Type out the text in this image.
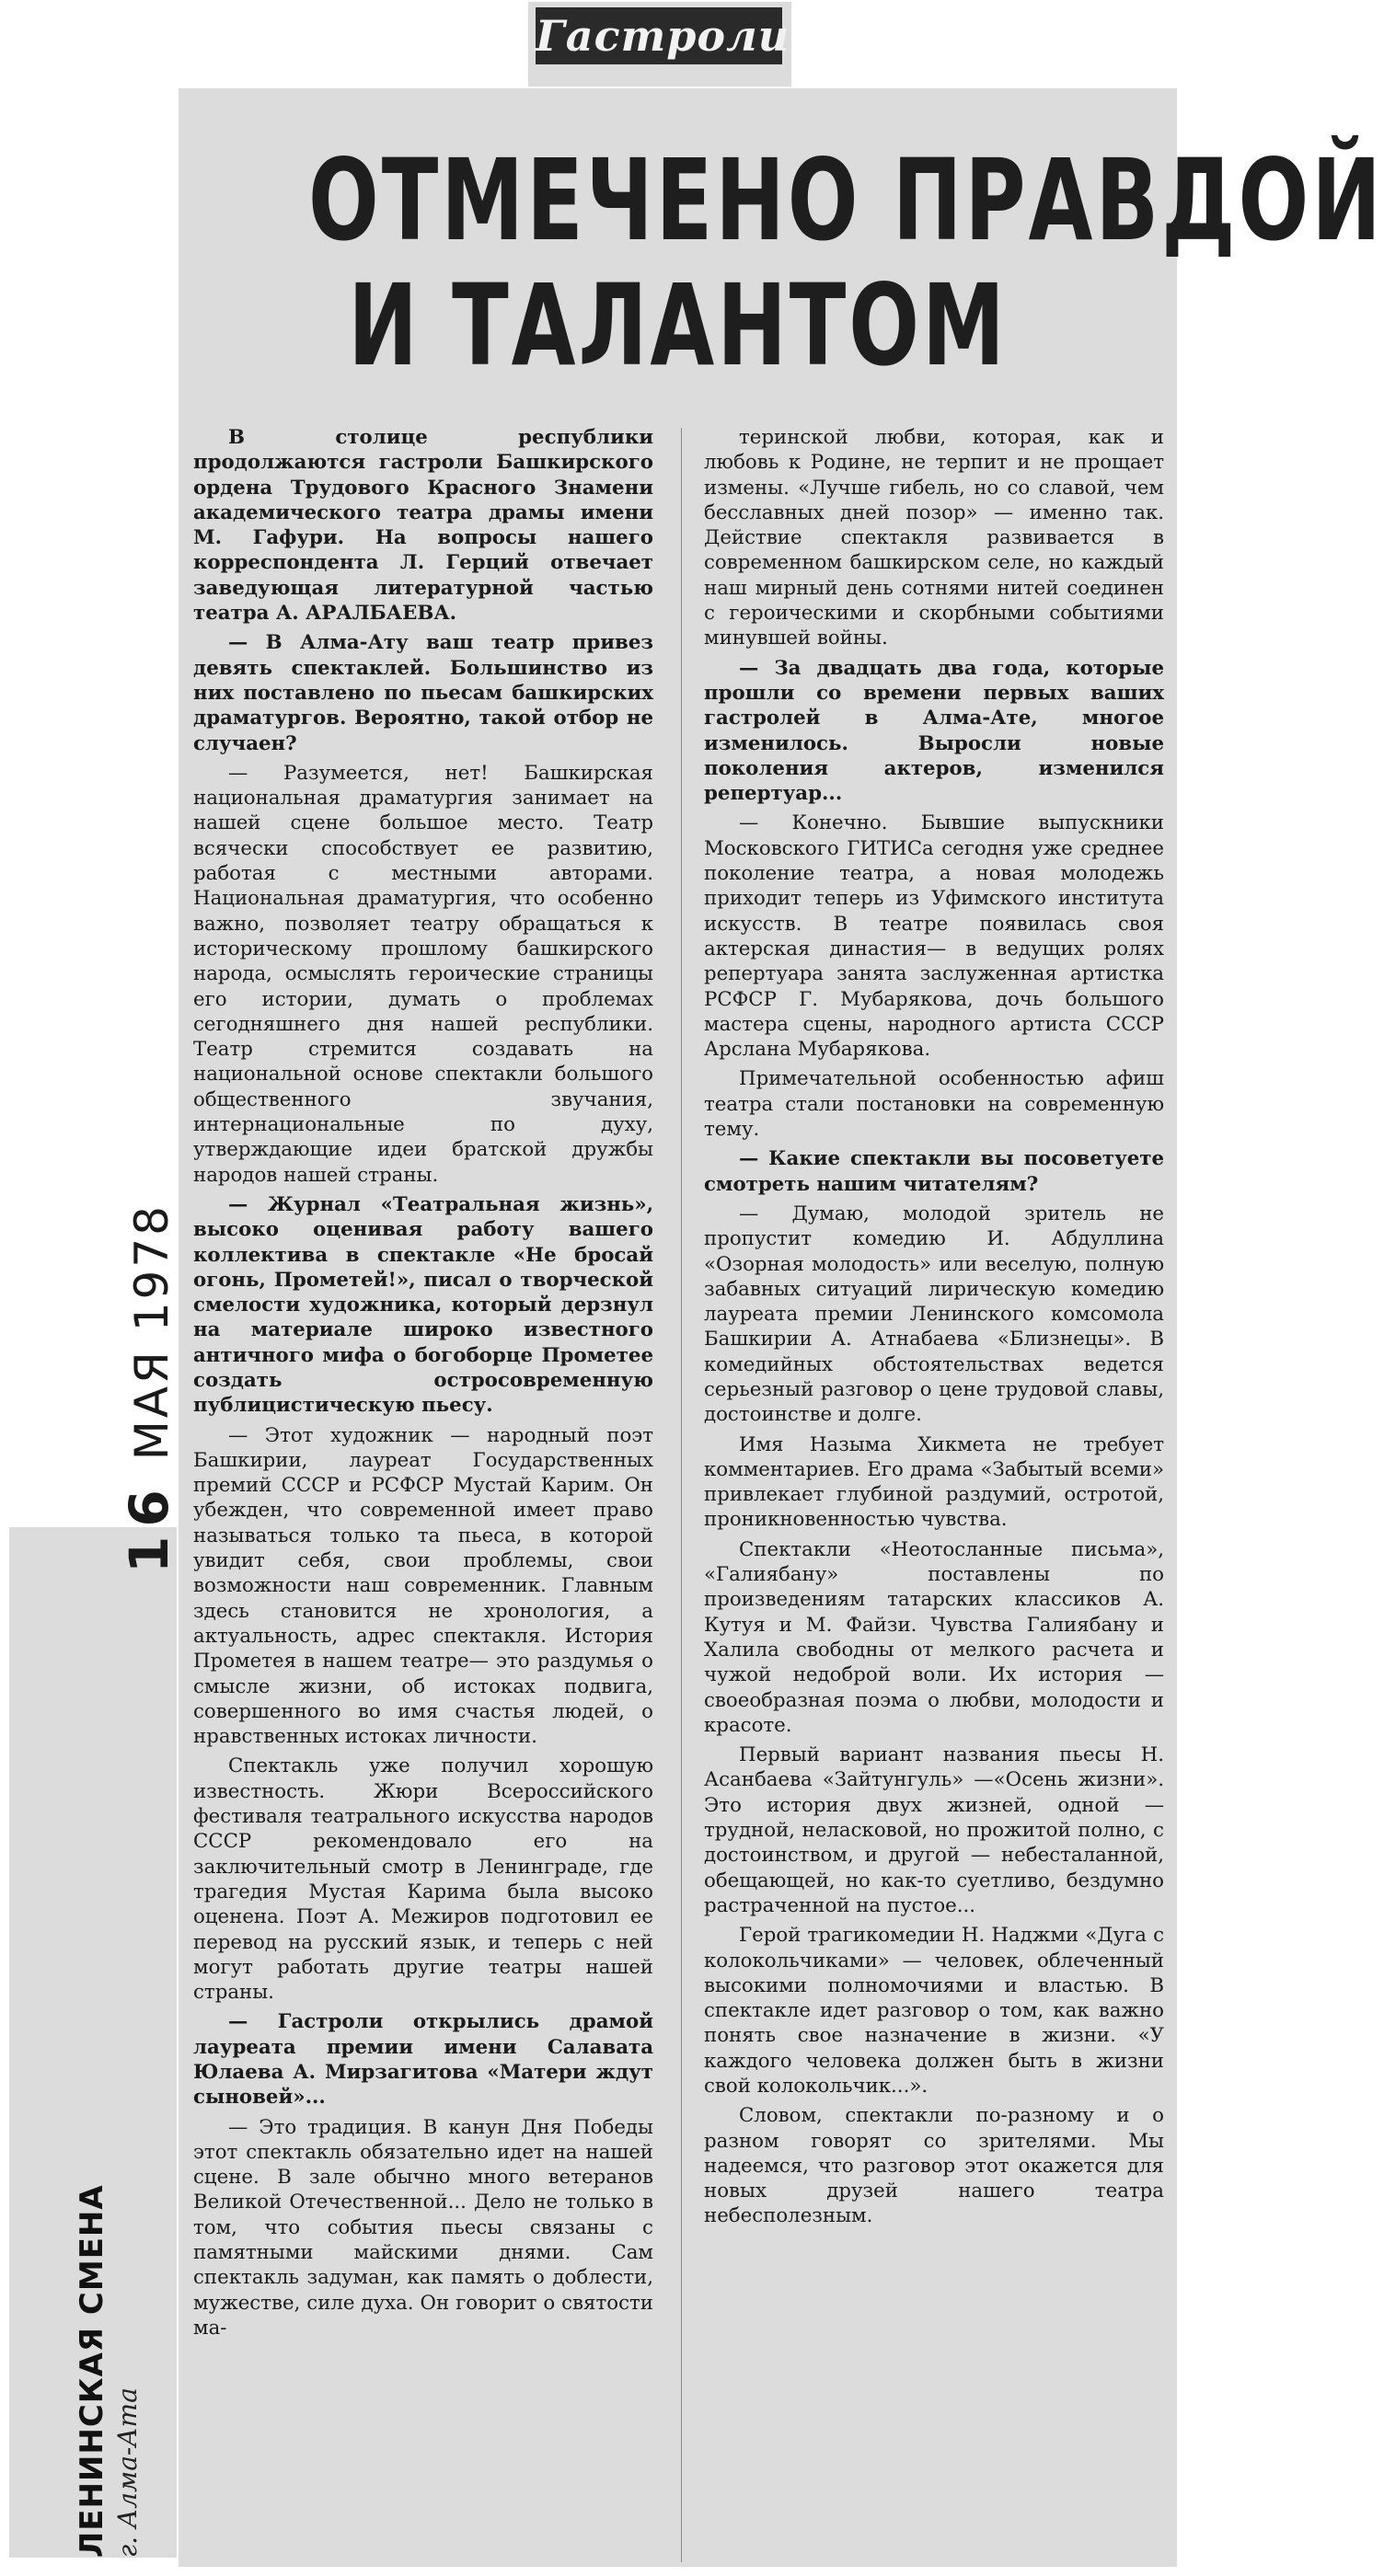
Гастроли
ОТМЕЧЕНО ПРАВДОЙ
И ТАЛАНТОМ

В столице республики продолжаются гастроли Башкирского ордена Трудового Красного Знамени академического театра драмы имени М. Гафури. На вопросы нашего корреспондента Л. Герций отвечает заведующая литературной частью театра А. АРАЛБАЕВА.

— В Алма-Ату ваш театр привез девять спектаклей. Большинство из них поставлено по пьесам башкирских драматургов. Вероятно, такой отбор не случаен?

— Разумеется, нет! Башкирская национальная драматургия занимает на нашей сцене большое место. Театр всячески способствует ее развитию, работая с местными авторами. Национальная драматургия, что особенно важно, позволяет театру обращаться к историческому прошлому башкирского народа, осмыслять героические страницы его истории, думать о проблемах сегодняшнего дня нашей республики. Театр стремится создавать на национальной основе спектакли большого общественного звучания, интернациональные по духу, утверждающие идеи братской дружбы народов нашей страны.

— Журнал «Театральная жизнь», высоко оценивая работу вашего коллектива в спектакле «Не бросай огонь, Прометей!», писал о творческой смелости художника, который дерзнул на материале широко известного античного мифа о богоборце Прометее создать остросовременную публицистическую пьесу.

— Этот художник — народный поэт Башкирии, лауреат Государственных премий СССР и РСФСР Мустай Карим. Он убежден, что современной имеет право называться только та пьеса, в которой увидит себя, свои проблемы, свои возможности наш современник. Главным здесь становится не хронология, а актуальность, адрес спектакля. История Прометея в нашем театре— это раздумья о смысле жизни, об истоках подвига, совершенного во имя счастья людей, о нравственных истоках личности.

Спектакль уже получил хорошую известность. Жюри Всероссийского фестиваля театрального искусства народов СССР рекомендовало его на заключительный смотр в Ленинграде, где трагедия Мустая Карима была высоко оценена. Поэт А. Межиров подготовил ее перевод на русский язык, и теперь с ней могут работать другие театры нашей страны.

— Гастроли открылись драмой лауреата премии имени Салавата Юлаева А. Мирзагитова «Матери ждут сыновей»...

— Это традиция. В канун Дня Победы этот спектакль обязательно идет на нашей сцене. В зале обычно много ветеранов Великой Отечественной... Дело не только в том, что события пьесы связаны с памятными майскими днями. Сам спектакль задуман, как память о доблести, мужестве, силе духа. Он говорит о святости ма-

теринской любви, которая, как и любовь к Родине, не терпит и не прощает измены. «Лучше гибель, но со славой, чем бесславных дней позор» — именно так. Действие спектакля развивается в современном башкирском селе, но каждый наш мирный день сотнями нитей соединен с героическими и скорбными событиями минувшей войны.

— За двадцать два года, которые прошли со времени первых ваших гастролей в Алма-Ате, многое изменилось. Выросли новые поколения актеров, изменился репертуар...

— Конечно. Бывшие выпускники Московского ГИТИСа сегодня уже среднее поколение театра, а новая молодежь приходит теперь из Уфимского института искусств. В театре появилась своя актерская династия— в ведущих ролях репертуара занята заслуженная артистка РСФСР Г. Мубарякова, дочь большого мастера сцены, народного артиста СССР Арслана Мубарякова.

Примечательной особенностью афиш театра стали постановки на современную тему.

— Какие спектакли вы посоветуете смотреть нашим читателям?

— Думаю, молодой зритель не пропустит комедию И. Абдуллина «Озорная молодость» или веселую, полную забавных ситуаций лирическую комедию лауреата премии Ленинского комсомола Башкирии А. Атнабаева «Близнецы». В комедийных обстоятельствах ведется серьезный разговор о цене трудовой славы, достоинстве и долге.

Имя Назыма Хикмета не требует комментариев. Его драма «Забытый всеми» привлекает глубиной раздумий, остротой, проникновенностью чувства.

Спектакли «Неотосланные письма», «Галиябану» поставлены по произведениям татарских классиков А. Кутуя и М. Файзи. Чувства Галиябану и Халила свободны от мелкого расчета и чужой недоброй воли. Их история — своеобразная поэма о любви, молодости и красоте.

Первый вариант названия пьесы Н. Асанбаева «Зайтунгуль» —«Осень жизни». Это история двух жизней, одной — трудной, неласковой, но прожитой полно, с достоинством, и другой — небесталанной, обещающей, но как-то суетливо, бездумно растраченной на пустое...

Герой трагикомедии Н. Наджми «Дуга с колокольчиками» — человек, облеченный высокими полномочиями и властью. В спектакле идет разговор о том, как важно понять свое назначение в жизни. «У каждого человека должен быть в жизни свой колокольчик...».

Словом, спектакли по-разному и о разном говорят со зрителями. Мы надеемся, что разговор этот окажется для новых друзей нашего театра небесполезным.

16МАЯ 1978
ЛЕНИНСКАЯ СМЕНА г. Алма-Ата
